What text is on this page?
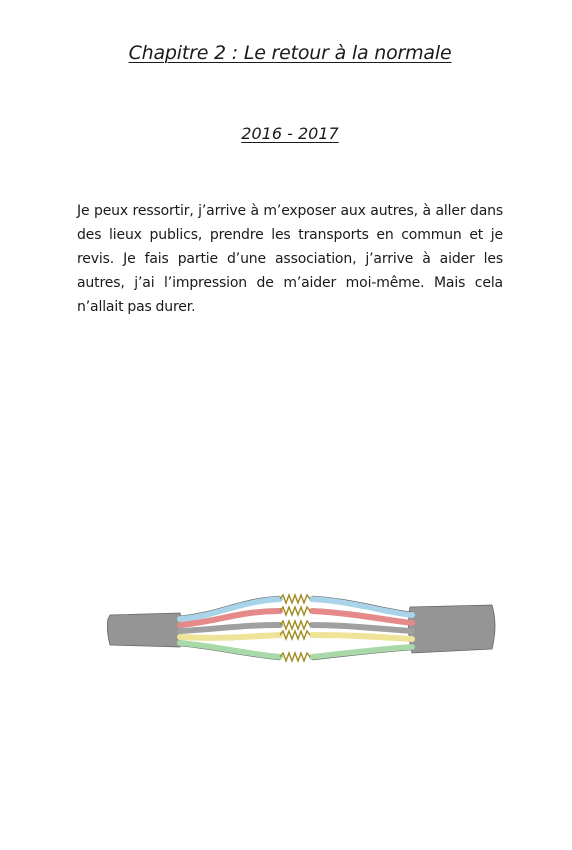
Chapitre 2 : Le retour à la normale
2016 - 2017

Je peux ressortir, j’arrive à m’exposer aux autres, à aller dans des lieux publics, prendre les transports en commun et je revis. Je fais partie d’une association, j’arrive à aider les autres, j’ai l’impression de m’aider moi-même. Mais cela n’allait pas durer.
